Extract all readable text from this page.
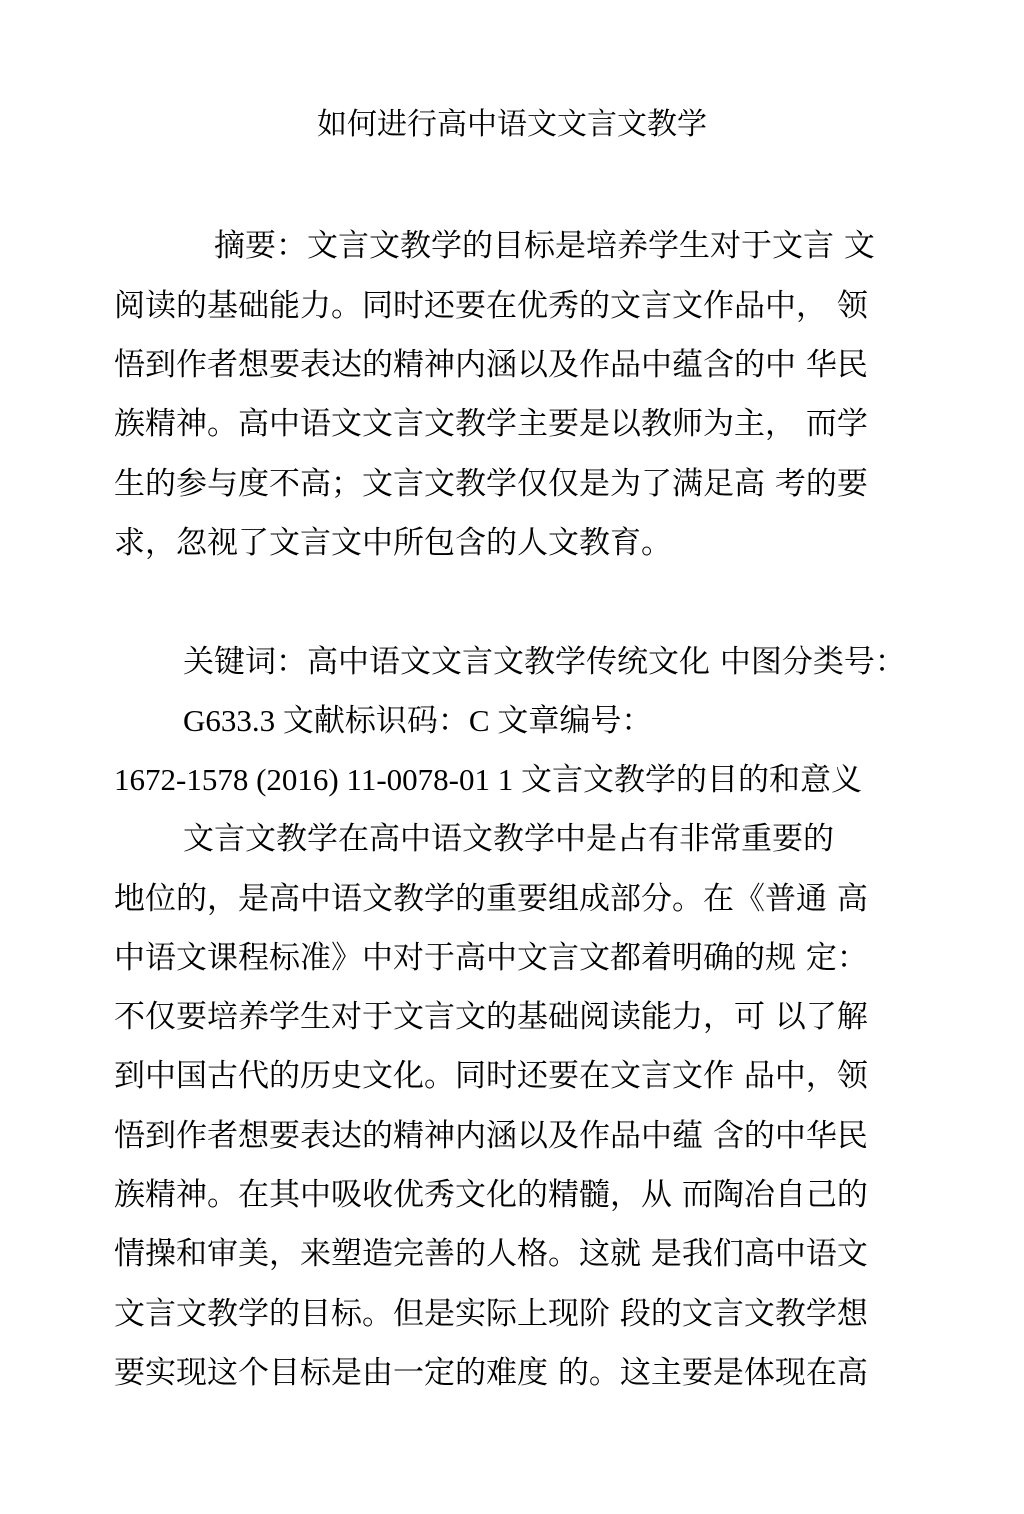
如何进行高中语文文言文教学
摘要：文言文教学的目标是培养学生对于文言 文
阅读的基础能力。同时还要在优秀的文言文作品中， 领
悟到作者想要表达的精神内涵以及作品中蕴含的中 华民
族精神。高中语文文言文教学主要是以教师为主， 而学
生的参与度不高；文言文教学仅仅是为了满足高 考的要
求，忽视了文言文中所包含的人文教育。
关键词：高中语文文言文教学传统文化 中图分类号：
G633.3 文献标识码：C 文章编号：
1672-1578 (2016) 11-0078-01 1 文言文教学的目的和意义
文言文教学在高中语文教学中是占有非常重要的
地位的，是高中语文教学的重要组成部分。在《普通 高
中语文课程标准》中对于高中文言文都着明确的规 定：
不仅要培养学生对于文言文的基础阅读能力，可 以了解
到中国古代的历史文化。同时还要在文言文作 品中，领
悟到作者想要表达的精神内涵以及作品中蕴 含的中华民
族精神。在其中吸收优秀文化的精髓，从 而陶冶自己的
情操和审美，来塑造完善的人格。这就 是我们高中语文
文言文教学的目标。但是实际上现阶 段的文言文教学想
要实现这个目标是由一定的难度 的。这主要是体现在高
